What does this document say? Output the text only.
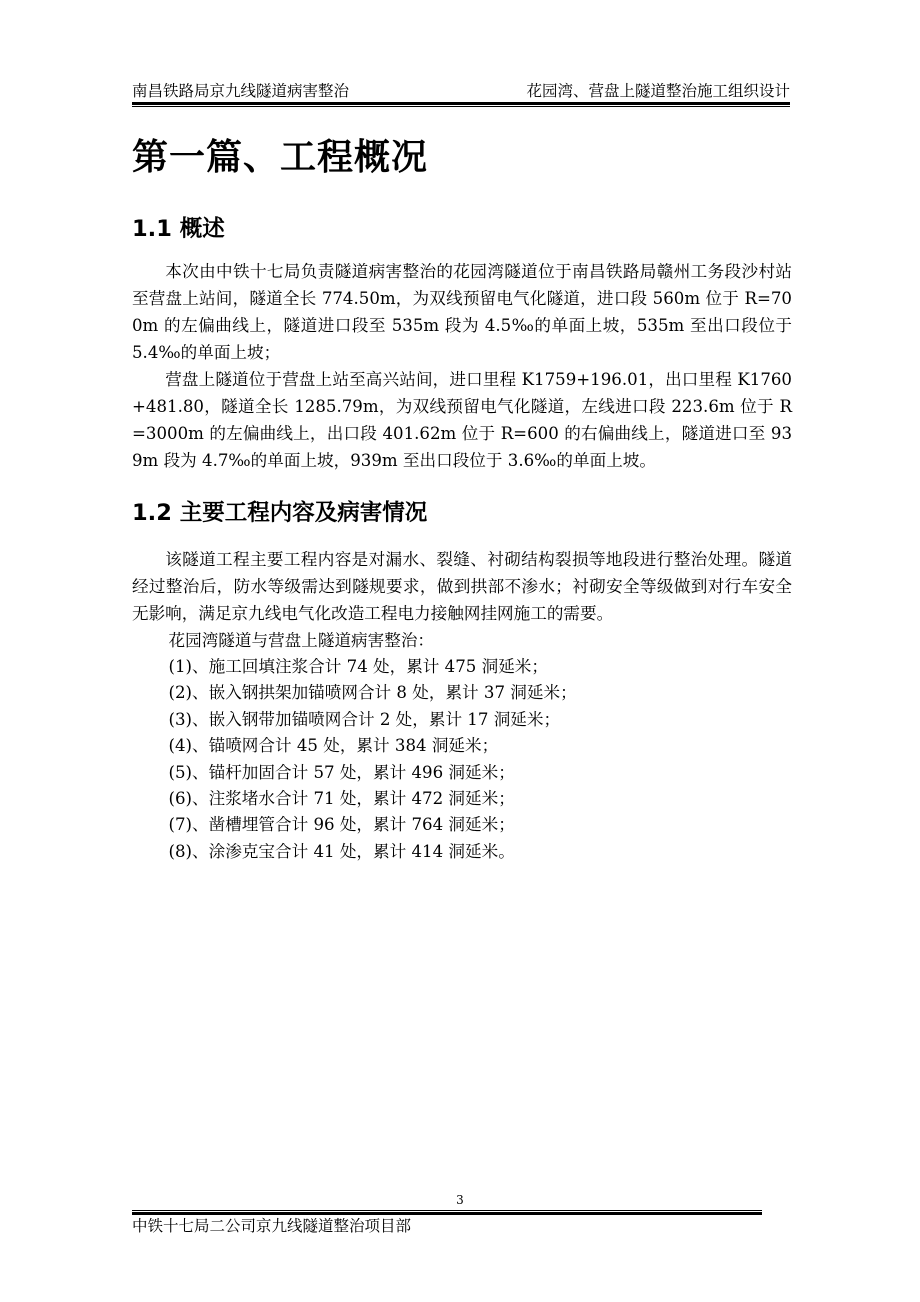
南昌铁路局京九线隧道病害整治	花园湾、营盘上隧道整治施工组织设计
第一篇、工程概况
1.1 概述

本次由中铁十七局负责隧道病害整治的花园湾隧道位于南昌铁路局赣州工务段沙村站至营盘上站间，隧道全长 774.50m，为双线预留电气化隧道，进口段 560m 位于 R=700m 的左偏曲线上，隧道进口段至 535m 段为 4.5‰的单面上坡，535m 至出口段位于 5.4‰的单面上坡；

营盘上隧道位于营盘上站至高兴站间，进口里程 K1759+196.01，出口里程 K1760+481.80，隧道全长 1285.79m，为双线预留电气化隧道，左线进口段 223.6m 位于 R=3000m 的左偏曲线上，出口段 401.62m 位于 R=600 的右偏曲线上，隧道进口至 939m 段为 4.7‰的单面上坡，939m 至出口段位于 3.6‰的单面上坡。

1.2 主要工程内容及病害情况

该隧道工程主要工程内容是对漏水、裂缝、衬砌结构裂损等地段进行整治处理。隧道经过整治后，防水等级需达到隧规要求，做到拱部不渗水；衬砌安全等级做到对行车安全无影响，满足京九线电气化改造工程电力接触网挂网施工的需要。

花园湾隧道与营盘上隧道病害整治：

(1)、施工回填注浆合计 74 处，累计 475 洞延米；

(2)、嵌入钢拱架加锚喷网合计 8 处，累计 37 洞延米；

(3)、嵌入钢带加锚喷网合计 2 处，累计 17 洞延米；

(4)、锚喷网合计 45 处，累计 384 洞延米；

(5)、锚杆加固合计 57 处，累计 496 洞延米；

(6)、注浆堵水合计 71 处，累计 472 洞延米；

(7)、凿槽埋管合计 96 处，累计 764 洞延米；

(8)、涂渗克宝合计 41 处，累计 414 洞延米。

3
中铁十七局二公司京九线隧道整治项目部
